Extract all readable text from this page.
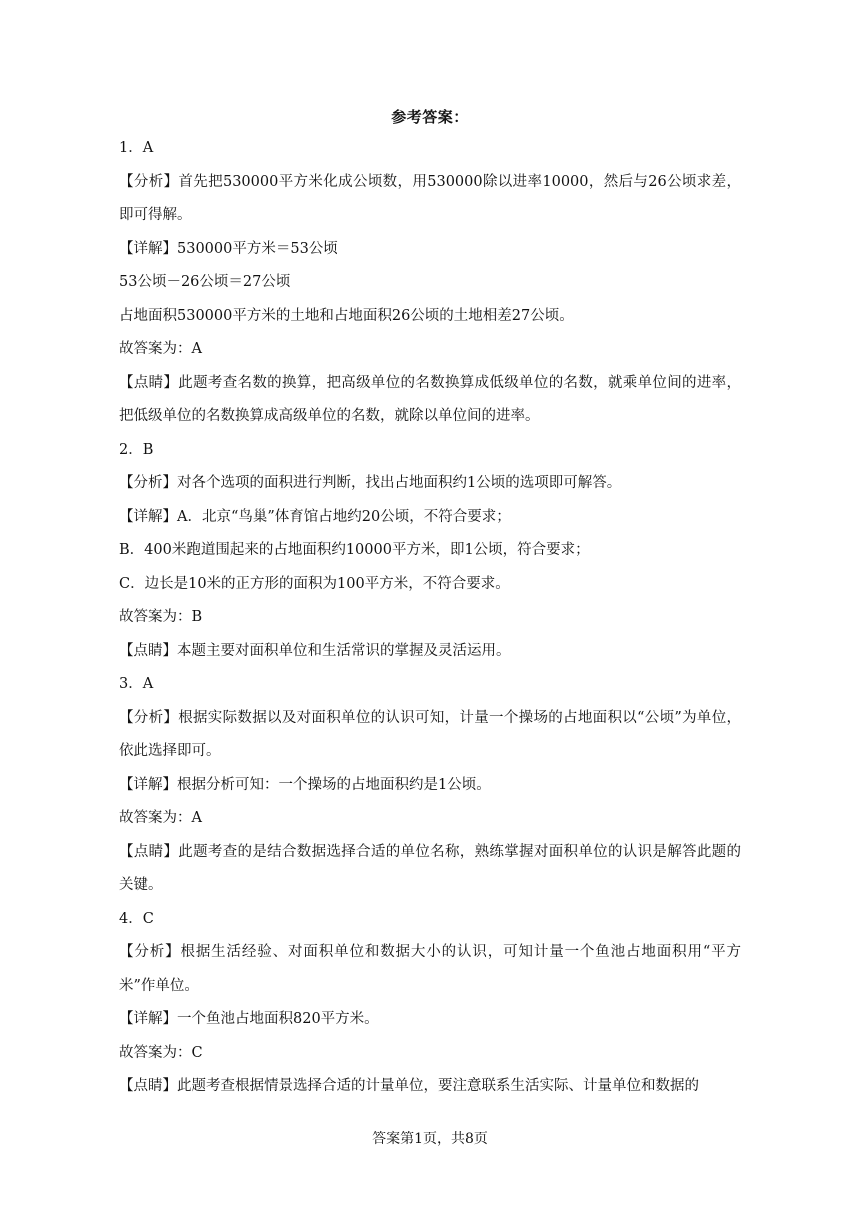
参考答案：

1．A

【分析】首先把530000平方米化成公顷数，用530000除以进率10000，然后与26公顷求差，即可得解。

【详解】530000平方米＝53公顷

53公顷－26公顷＝27公顷

占地面积530000平方米的土地和占地面积26公顷的土地相差27公顷。

故答案为：A

【点睛】此题考查名数的换算，把高级单位的名数换算成低级单位的名数，就乘单位间的进率，把低级单位的名数换算成高级单位的名数，就除以单位间的进率。

2．B

【分析】对各个选项的面积进行判断，找出占地面积约1公顷的选项即可解答。

【详解】A．北京“鸟巢”体育馆占地约20公顷，不符合要求；

B．400米跑道围起来的占地面积约10000平方米，即1公顷，符合要求；

C．边长是10米的正方形的面积为100平方米，不符合要求。

故答案为：B

【点睛】本题主要对面积单位和生活常识的掌握及灵活运用。

3．A

【分析】根据实际数据以及对面积单位的认识可知，计量一个操场的占地面积以“公顷”为单位，依此选择即可。

【详解】根据分析可知：一个操场的占地面积约是1公顷。

故答案为：A

【点睛】此题考查的是结合数据选择合适的单位名称，熟练掌握对面积单位的认识是解答此题的关键。

4．C

【分析】根据生活经验、对面积单位和数据大小的认识，可知计量一个鱼池占地面积用“平方米”作单位。

【详解】一个鱼池占地面积820平方米。

故答案为：C

【点睛】此题考查根据情景选择合适的计量单位，要注意联系生活实际、计量单位和数据的

答案第1页，共8页
